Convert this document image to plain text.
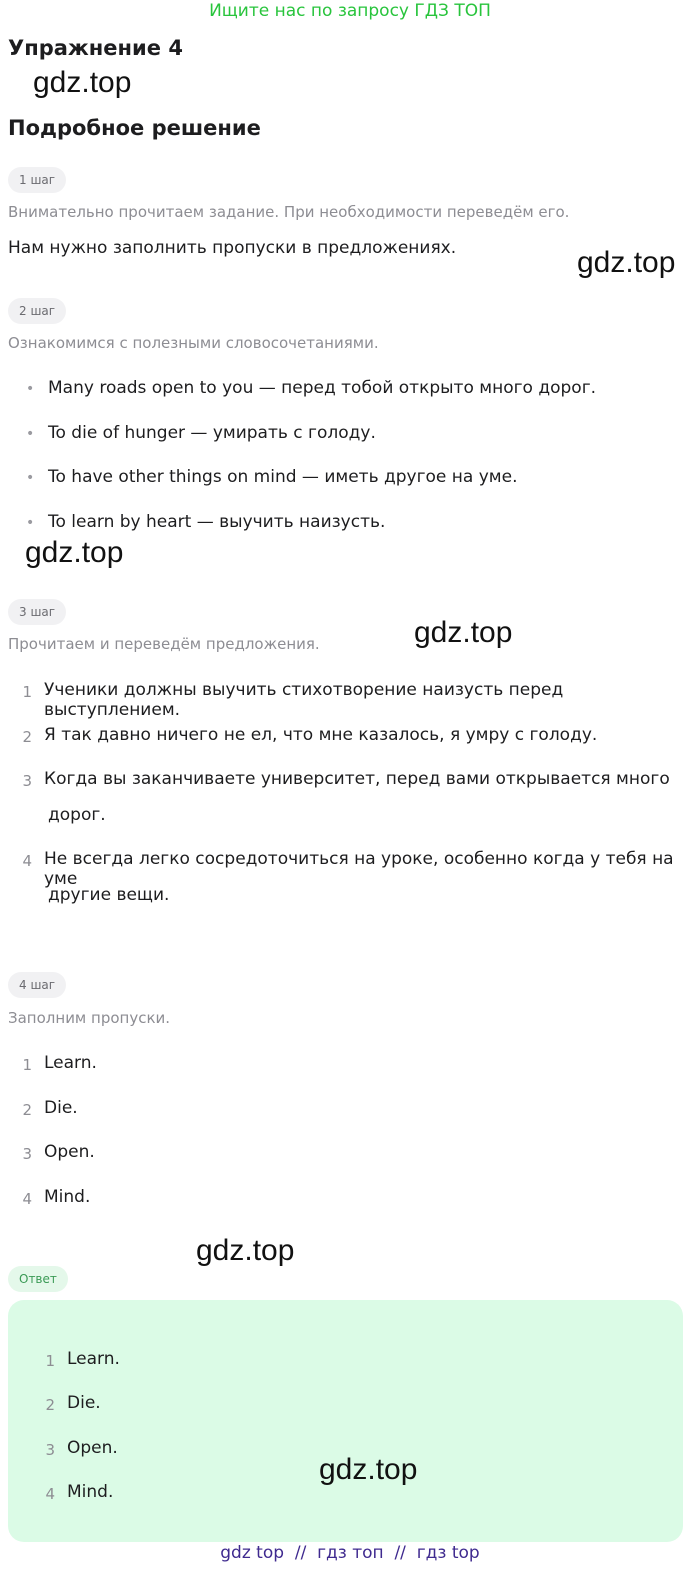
Ищите нас по запросу ГДЗ ТОП
Упражнение 4
gdz.top
Подробное решение
1 шаг
Внимательно прочитаем задание. При необходимости переведём его.
Нам нужно заполнить пропуски в предложениях.	gdz.top
2 шаг
Ознакомимся с полезными словосочетаниями.
• Many roads open to you — перед тобой открыто много дорог.
• To die of hunger — умирать с голоду.
• To have other things on mind — иметь другое на уме.
• To learn by heart — выучить наизусть.
gdz.top
3 шаг
Прочитаем и переведём предложения.	gdz.top
1 Ученики должны выучить стихотворение наизусть перед выступлением.
2 Я так давно ничего не ел, что мне казалось, я умру с голоду.
3 Когда вы заканчиваете университет, перед вами открывается много
дорог.
4 Не всегда легко сосредоточиться на уроке, особенно когда у тебя на уме
другие вещи.
4 шаг
Заполним пропуски.
1 Learn.
2 Die.
3 Open.
4 Mind.
gdz.top
Ответ
1 Learn.
2 Die.
3 Open.
4 Mind.
gdz.top
gdz top  //  гдз топ  //  гдз top
